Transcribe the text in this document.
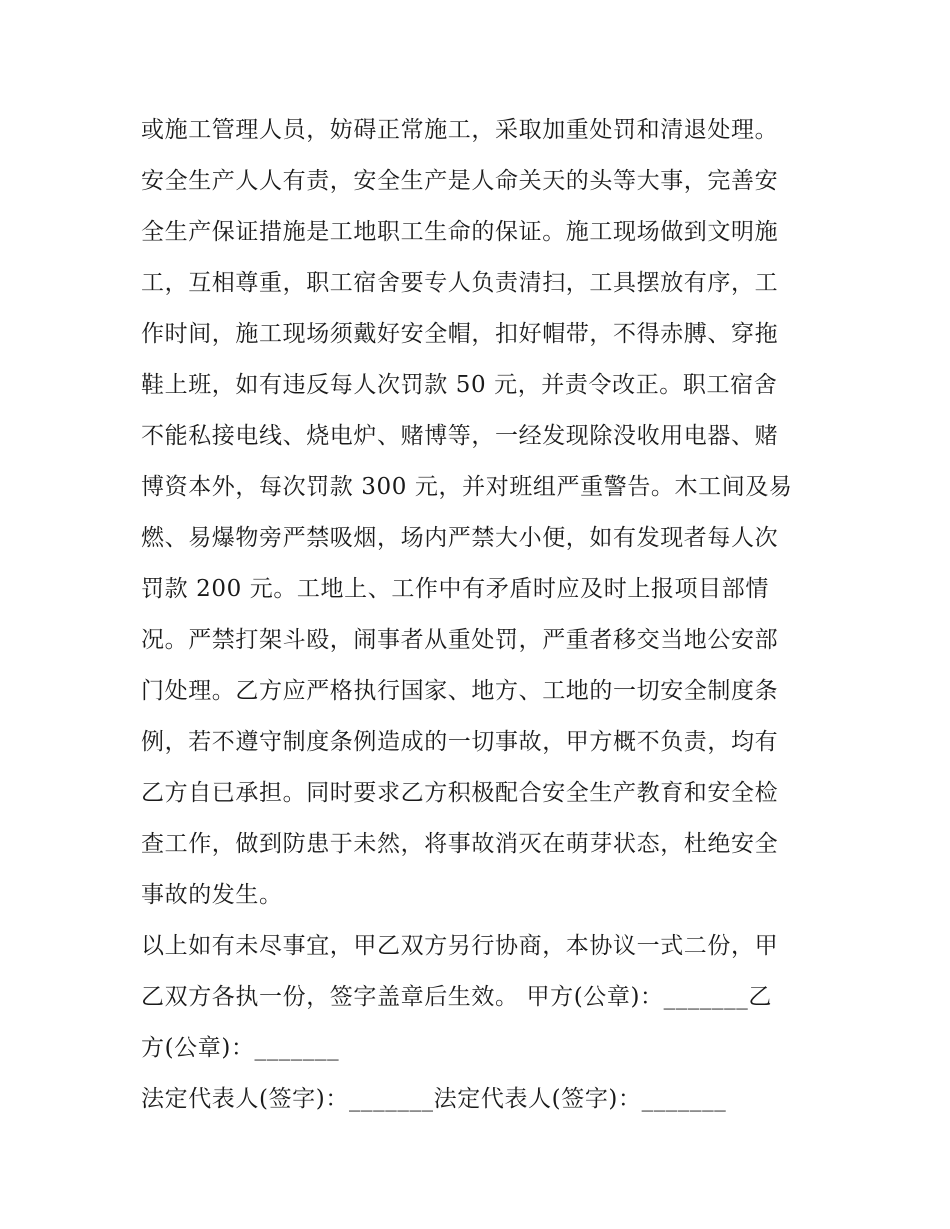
或施工管理人员，妨碍正常施工，采取加重处罚和清退处理。
安全生产人人有责，安全生产是人命关天的头等大事，完善安
全生产保证措施是工地职工生命的保证。施工现场做到文明施
工，互相尊重，职工宿舍要专人负责清扫，工具摆放有序，工
作时间，施工现场须戴好安全帽，扣好帽带，不得赤膊、穿拖
鞋上班，如有违反每人次罚款 50 元，并责令改正。职工宿舍
不能私接电线、烧电炉、赌博等，一经发现除没收用电器、赌
博资本外，每次罚款 300 元，并对班组严重警告。木工间及易
燃、易爆物旁严禁吸烟，场内严禁大小便，如有发现者每人次
罚款 200 元。工地上、工作中有矛盾时应及时上报项目部情
况。严禁打架斗殴，闹事者从重处罚，严重者移交当地公安部
门处理。乙方应严格执行国家、地方、工地的一切安全制度条
例，若不遵守制度条例造成的一切事故，甲方概不负责，均有
乙方自已承担。同时要求乙方积极配合安全生产教育和安全检
查工作，做到防患于未然，将事故消灭在萌芽状态，杜绝安全
事故的发生。
以上如有未尽事宜，甲乙双方另行协商，本协议一式二份，甲
乙双方各执一份，签字盖章后生效。 甲方(公章)：_______乙
方(公章)：_______
法定代表人(签字)：_______法定代表人(签字)：_______
